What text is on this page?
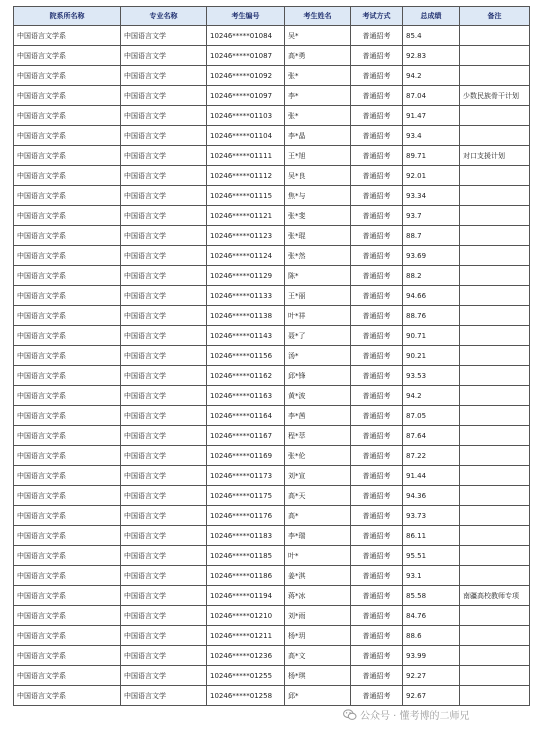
院系所名称	专业名称	考生编号	考生姓名	考试方式	总成绩	备注
中国语言文学系	中国语言文学	10246*****01084	吴*	普通招考	85.4	
中国语言文学系	中国语言文学	10246*****01087	高*勇	普通招考	92.83	
中国语言文学系	中国语言文学	10246*****01092	张*	普通招考	94.2	
中国语言文学系	中国语言文学	10246*****01097	李*	普通招考	87.04	少数民族骨干计划
中国语言文学系	中国语言文学	10246*****01103	张*	普通招考	91.47	
中国语言文学系	中国语言文学	10246*****01104	李*晶	普通招考	93.4	
中国语言文学系	中国语言文学	10246*****01111	王*旭	普通招考	89.71	对口支援计划
中国语言文学系	中国语言文学	10246*****01112	吴*良	普通招考	92.01	
中国语言文学系	中国语言文学	10246*****01115	焦*与	普通招考	93.34	
中国语言文学系	中国语言文学	10246*****01121	张*斐	普通招考	93.7	
中国语言文学系	中国语言文学	10246*****01123	张*琨	普通招考	88.7	
中国语言文学系	中国语言文学	10246*****01124	张*然	普通招考	93.69	
中国语言文学系	中国语言文学	10246*****01129	陈*	普通招考	88.2	
中国语言文学系	中国语言文学	10246*****01133	王*丽	普通招考	94.66	
中国语言文学系	中国语言文学	10246*****01138	叶*祥	普通招考	88.76	
中国语言文学系	中国语言文学	10246*****01143	聂*了	普通招考	90.71	
中国语言文学系	中国语言文学	10246*****01156	汤*	普通招考	90.21	
中国语言文学系	中国语言文学	10246*****01162	邱*锋	普通招考	93.53	
中国语言文学系	中国语言文学	10246*****01163	黄*波	普通招考	94.2	
中国语言文学系	中国语言文学	10246*****01164	李*茜	普通招考	87.05	
中国语言文学系	中国语言文学	10246*****01167	程*萃	普通招考	87.64	
中国语言文学系	中国语言文学	10246*****01169	张*伦	普通招考	87.22	
中国语言文学系	中国语言文学	10246*****01173	刘*宣	普通招考	91.44	
中国语言文学系	中国语言文学	10246*****01175	高*天	普通招考	94.36	
中国语言文学系	中国语言文学	10246*****01176	高*	普通招考	93.73	
中国语言文学系	中国语言文学	10246*****01183	李*瑞	普通招考	86.11	
中国语言文学系	中国语言文学	10246*****01185	叶*	普通招考	95.51	
中国语言文学系	中国语言文学	10246*****01186	姜*淇	普通招考	93.1	
中国语言文学系	中国语言文学	10246*****01194	蒋*冰	普通招考	85.58	南疆高校教师专项
中国语言文学系	中国语言文学	10246*****01210	刘*雨	普通招考	84.76	
中国语言文学系	中国语言文学	10246*****01211	杨*玥	普通招考	88.6	
中国语言文学系	中国语言文学	10246*****01236	高*文	普通招考	93.99	
中国语言文学系	中国语言文学	10246*****01255	杨*琪	普通招考	92.27	
中国语言文学系	中国语言文学	10246*****01258	邱*	普通招考	92.67	
公众号 · 懂考博的二师兄
